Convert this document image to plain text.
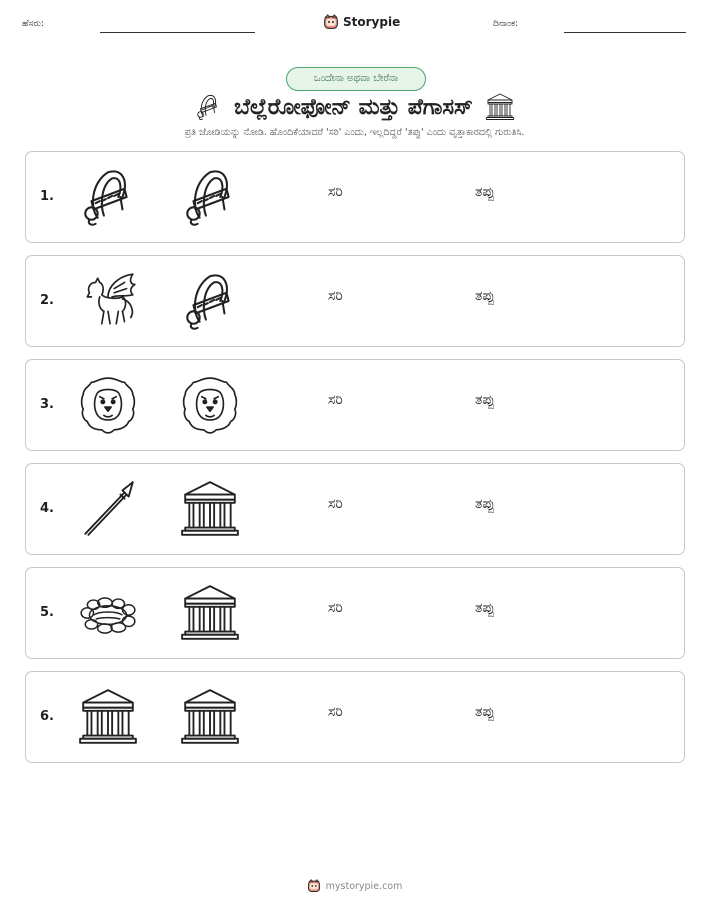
ಹೆಸರು:	Storypie	ದಿನಾಂಕ:
ಒಂದೇನಾ ಅಥವಾ ಬೇರೆನಾ
ಬೆಲ್ಲೆರೋಫೋನ್ ಮತ್ತು ಪೆಗಾಸಸ್
ಪ್ರತಿ ಜೋಡಿಯನ್ನು ನೋಡಿ. ಹೊಂದಿಕೆಯಾದರೆ 'ಸರಿ' ಎಂದು, ಇಲ್ಲದಿದ್ದರೆ 'ತಪ್ಪು' ಎಂದು ವೃತ್ತಾಕಾರದಲ್ಲಿ ಗುರುತಿಸಿ.
1.	ಸರಿ	ತಪ್ಪು
2.	ಸರಿ	ತಪ್ಪು
3.	ಸರಿ	ತಪ್ಪು
4.	ಸರಿ	ತಪ್ಪು
5.	ಸರಿ	ತಪ್ಪು
6.	ಸರಿ	ತಪ್ಪು
mystorypie.com
